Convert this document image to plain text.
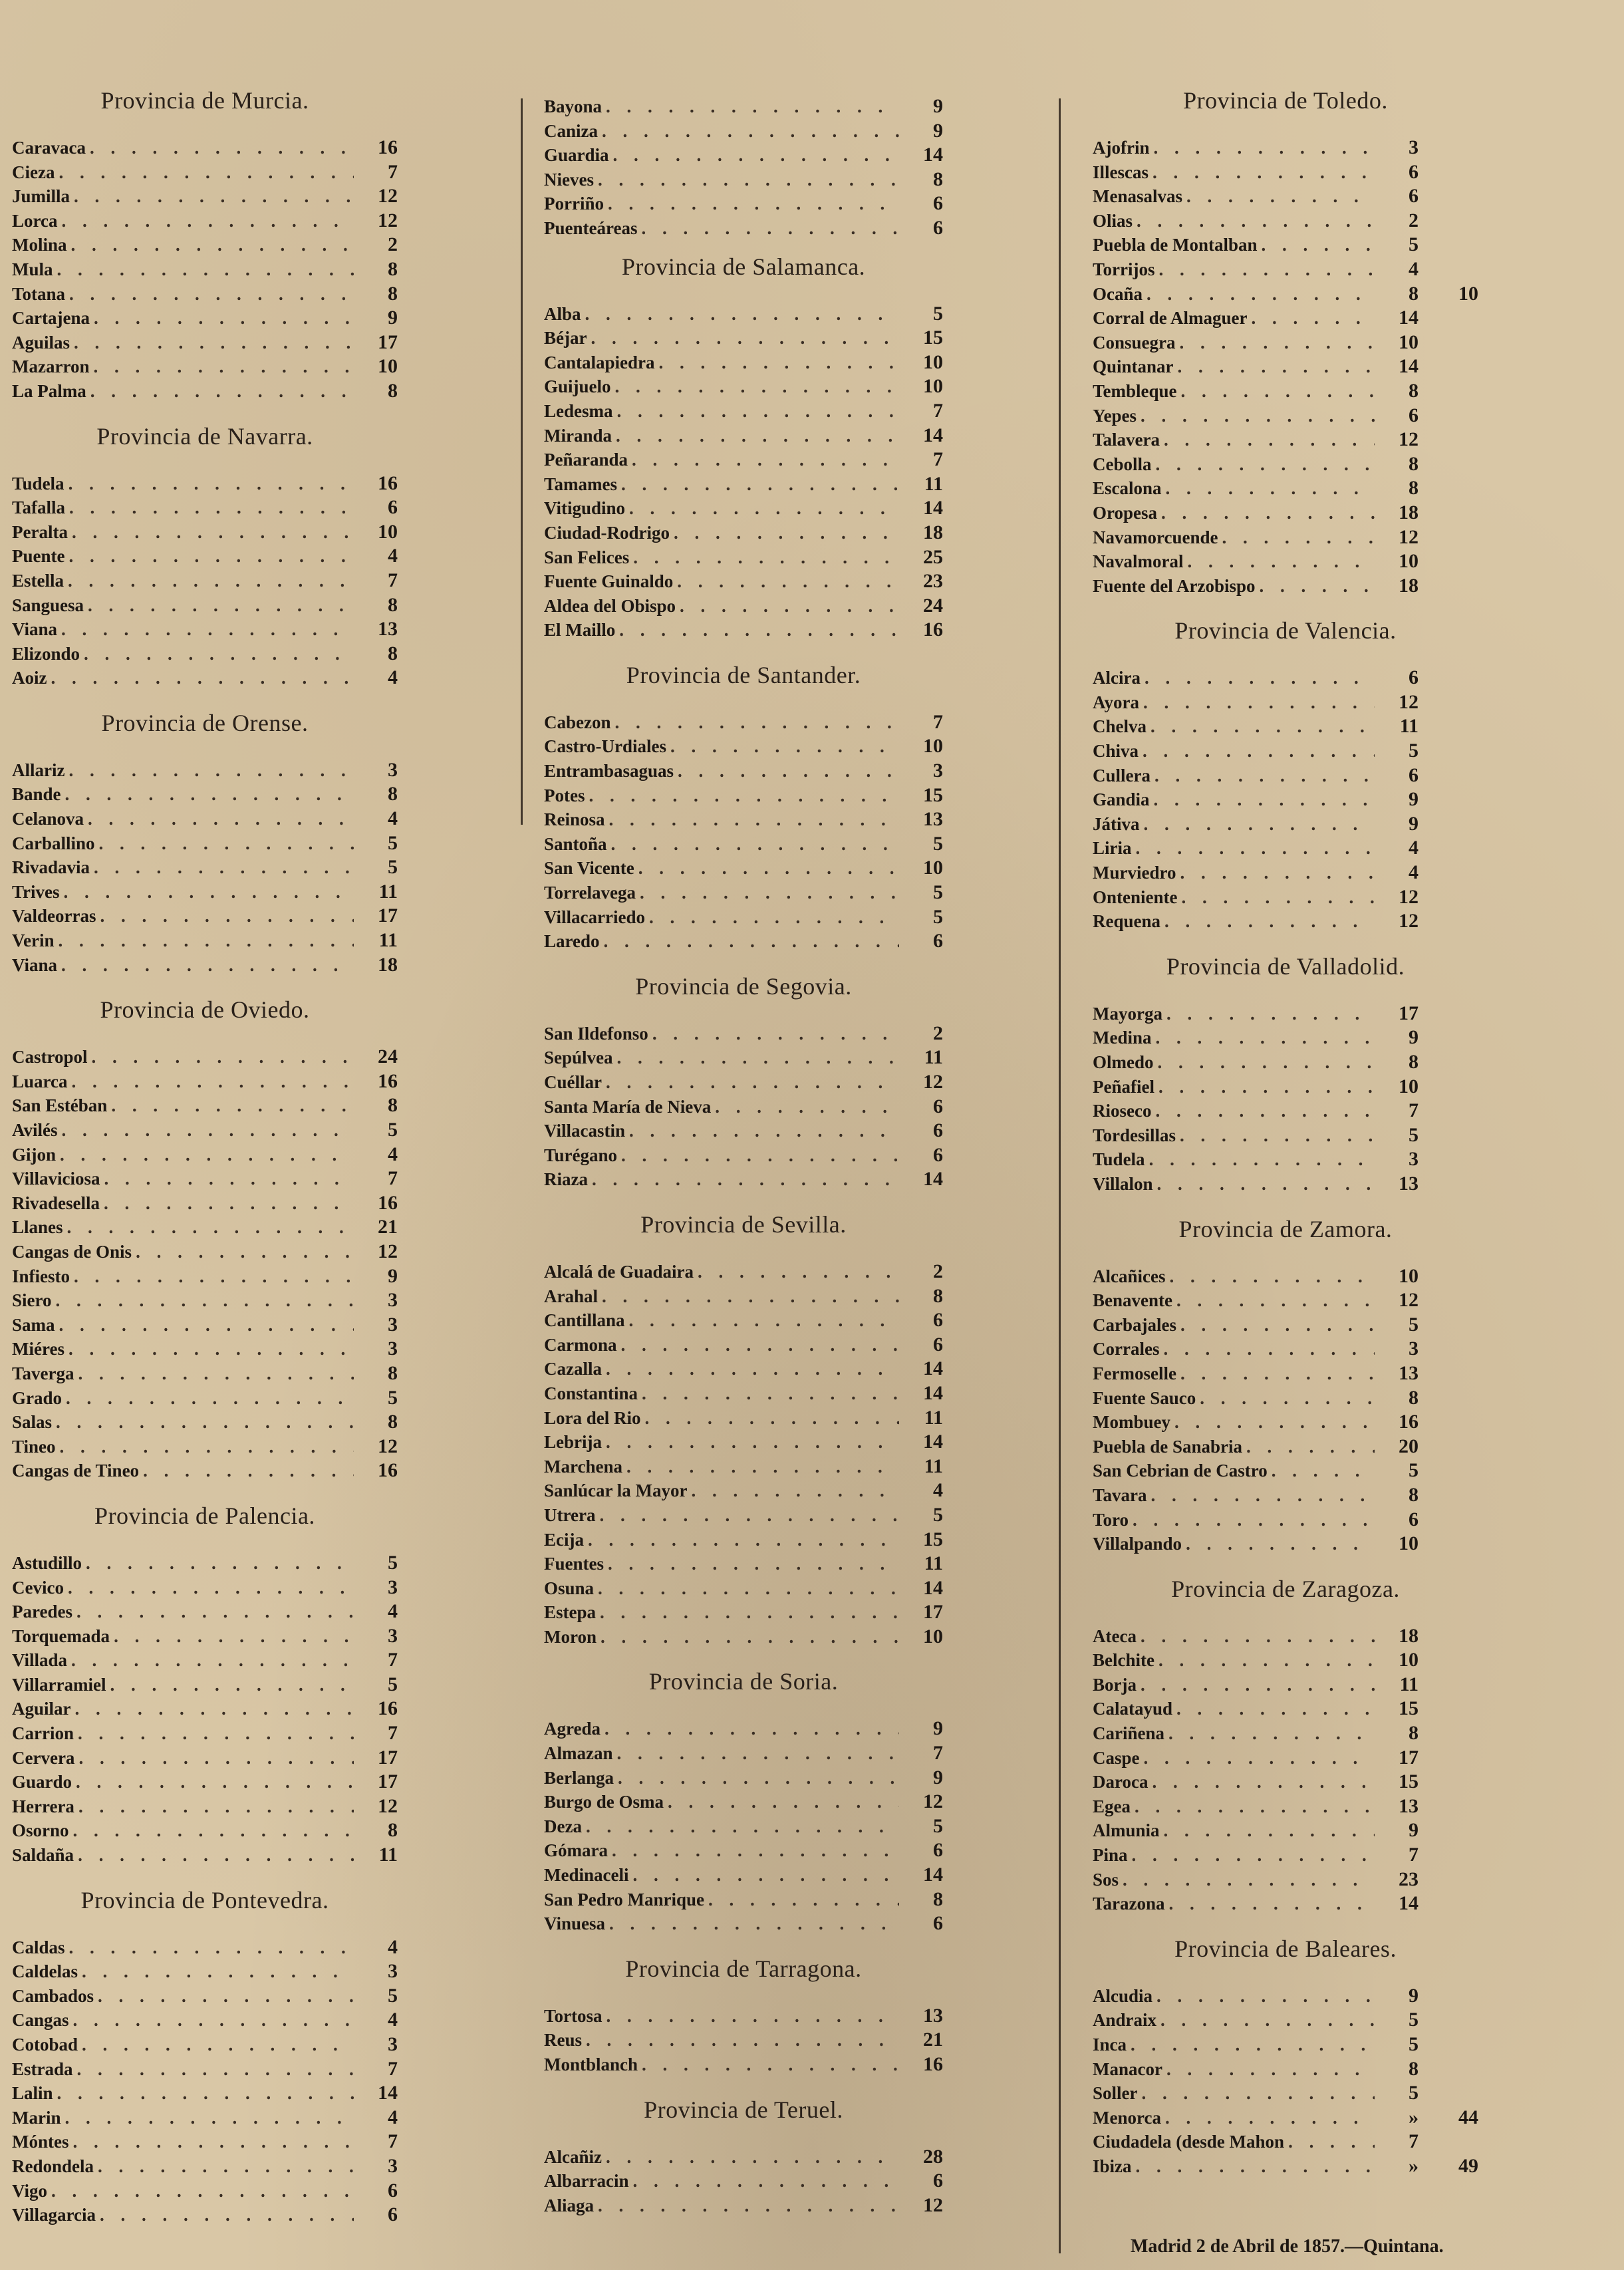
Provincia de Murcia.
Caravaca . . .	16
Cieza . . .	7
Jumilla . . .	12
Lorca . . .	12
Molina . . .	2
Mula . . .	8
Totana . . .	8
Cartajena . . .	9
Aguilas . . .	17
Mazarron . . .	10
La Palma . . .	8
Provincia de Navarra.
Tudela . . .	16
Tafalla . . .	6
Peralta . . .	10
Puente . . .	4
Estella . . .	7
Sanguesa . . .	8
Viana . . .	13
Elizondo . . .	8
Aoiz . . .	4
Provincia de Orense.
Allariz . . .	3
Bande . . .	8
Celanova . . .	4
Carballino . . .	5
Rivadavia . . .	5
Trives . . .	11
Valdeorras . . .	17
Verin . . .	11
Viana . . .	18
Provincia de Oviedo.
Castropol . . .	24
Luarca . . .	16
San Estéban . . .	8
Avilés . . .	5
Gijon . . .	4
Villaviciosa . . .	7
Rivadesella . . .	16
Llanes . . .	21
Cangas de Onis . . .	12
Infiesto . . .	9
Siero . . .	3
Sama . . .	3
Miéres . . .	3
Taverga . . .	8
Grado . . .	5
Salas . . .	8
Tineo . . .	12
Cangas de Tineo . . .	16
Provincia de Palencia.
Astudillo . . .	5
Cevico . . .	3
Paredes . . .	4
Torquemada . . .	3
Villada . . .	7
Villarramiel . . .	5
Aguilar . . .	16
Carrion . . .	7
Cervera . . .	17
Guardo . . .	17
Herrera . . .	12
Osorno . . .	8
Saldaña . . .	11
Provincia de Pontevedra.
Caldas . . .	4
Caldelas . . .	3
Cambados . . .	5
Cangas . . .	4
Cotobad . . .	3
Estrada . . .	7
Lalin . . .	14
Marin . . .	4
Móntes . . .	7
Redondela . . .	3
Vigo . . .	6
Villagarcia . . .	6
Bayona . . .	9
Caniza . . .	9
Guardia . . .	14
Nieves . . .	8
Porriño . . .	6
Puenteáreas . . .	6
Provincia de Salamanca.
Alba . . .	5
Béjar . . .	15
Cantalapiedra . . .	10
Guijuelo . . .	10
Ledesma . . .	7
Miranda . . .	14
Peñaranda . . .	7
Tamames . . .	11
Vitigudino . . .	14
Ciudad-Rodrigo . . .	18
San Felices . . .	25
Fuente Guinaldo . . .	23
Aldea del Obispo . . .	24
El Maillo . . .	16
Provincia de Santander.
Cabezon . . .	7
Castro-Urdiales . . .	10
Entrambasaguas . . .	3
Potes . . .	15
Reinosa . . .	13
Santoña . . .	5
San Vicente . . .	10
Torrelavega . . .	5
Villacarriedo . . .	5
Laredo . . .	6
Provincia de Segovia.
San Ildefonso . . .	2
Sepúlvea . . .	11
Cuéllar . . .	12
Santa María de Nieva . . .	6
Villacastin . . .	6
Turégano . . .	6
Riaza . . .	14
Provincia de Sevilla.
Alcalá de Guadaira . . .	2
Arahal . . .	8
Cantillana . . .	6
Carmona . . .	6
Cazalla . . .	14
Constantina . . .	14
Lora del Rio . . .	11
Lebrija . . .	14
Marchena . . .	11
Sanlúcar la Mayor . . .	4
Utrera . . .	5
Ecija . . .	15
Fuentes . . .	11
Osuna . . .	14
Estepa . . .	17
Moron . . .	10
Provincia de Soria.
Agreda . . .	9
Almazan . . .	7
Berlanga . . .	9
Burgo de Osma . . .	12
Deza . . .	5
Gómara . . .	6
Medinaceli . . .	14
San Pedro Manrique . . .	8
Vinuesa . . .	6
Provincia de Tarragona.
Tortosa . . .	13
Reus . . .	21
Montblanch . . .	16
Provincia de Teruel.
Alcañiz . . .	28
Albarracin . . .	6
Aliaga . . .	12
Provincia de Toledo.
Ajofrin . . .	3
Illescas . . .	6
Menasalvas . . .	6
Olias . . .	2
Puebla de Montalban . . .	5
Torrijos . . .	4
Ocaña . . .	8	10
Corral de Almaguer . . .	14
Consuegra . . .	10
Quintanar . . .	14
Tembleque . . .	8
Yepes . . .	6
Talavera . . .	12
Cebolla . . .	8
Escalona . . .	8
Oropesa . . .	18
Navamorcuende . . .	12
Navalmoral . . .	10
Fuente del Arzobispo . . .	18
Provincia de Valencia.
Alcira . . .	6
Ayora . . .	12
Chelva . . .	11
Chiva . . .	5
Cullera . . .	6
Gandia . . .	9
Játiva . . .	9
Liria . . .	4
Murviedro . . .	4
Onteniente . . .	12
Requena . . .	12
Provincia de Valladolid.
Mayorga . . .	17
Medina . . .	9
Olmedo . . .	8
Peñafiel . . .	10
Rioseco . . .	7
Tordesillas . . .	5
Tudela . . .	3
Villalon . . .	13
Provincia de Zamora.
Alcañices . . .	10
Benavente . . .	12
Carbajales . . .	5
Corrales . . .	3
Fermoselle . . .	13
Fuente Sauco . . .	8
Mombuey . . .	16
Puebla de Sanabria . . .	20
San Cebrian de Castro . . .	5
Tavara . . .	8
Toro . . .	6
Villalpando . . .	10
Provincia de Zaragoza.
Ateca . . .	18
Belchite . . .	10
Borja . . .	11
Calatayud . . .	15
Cariñena . . .	8
Caspe . . .	17
Daroca . . .	15
Egea . . .	13
Almunia . . .	9
Pina . . .	7
Sos . . .	23
Tarazona . . .	14
Provincia de Baleares.
Alcudia . . .	9
Andraix . . .	5
Inca . . .	5
Manacor . . .	8
Soller . . .	5
Menorca . . .	»	44
Ciudadela (desde Mahon . . .	7
Ibiza . . .	»	49
Madrid 2 de Abril de 1857.—Quintana.
